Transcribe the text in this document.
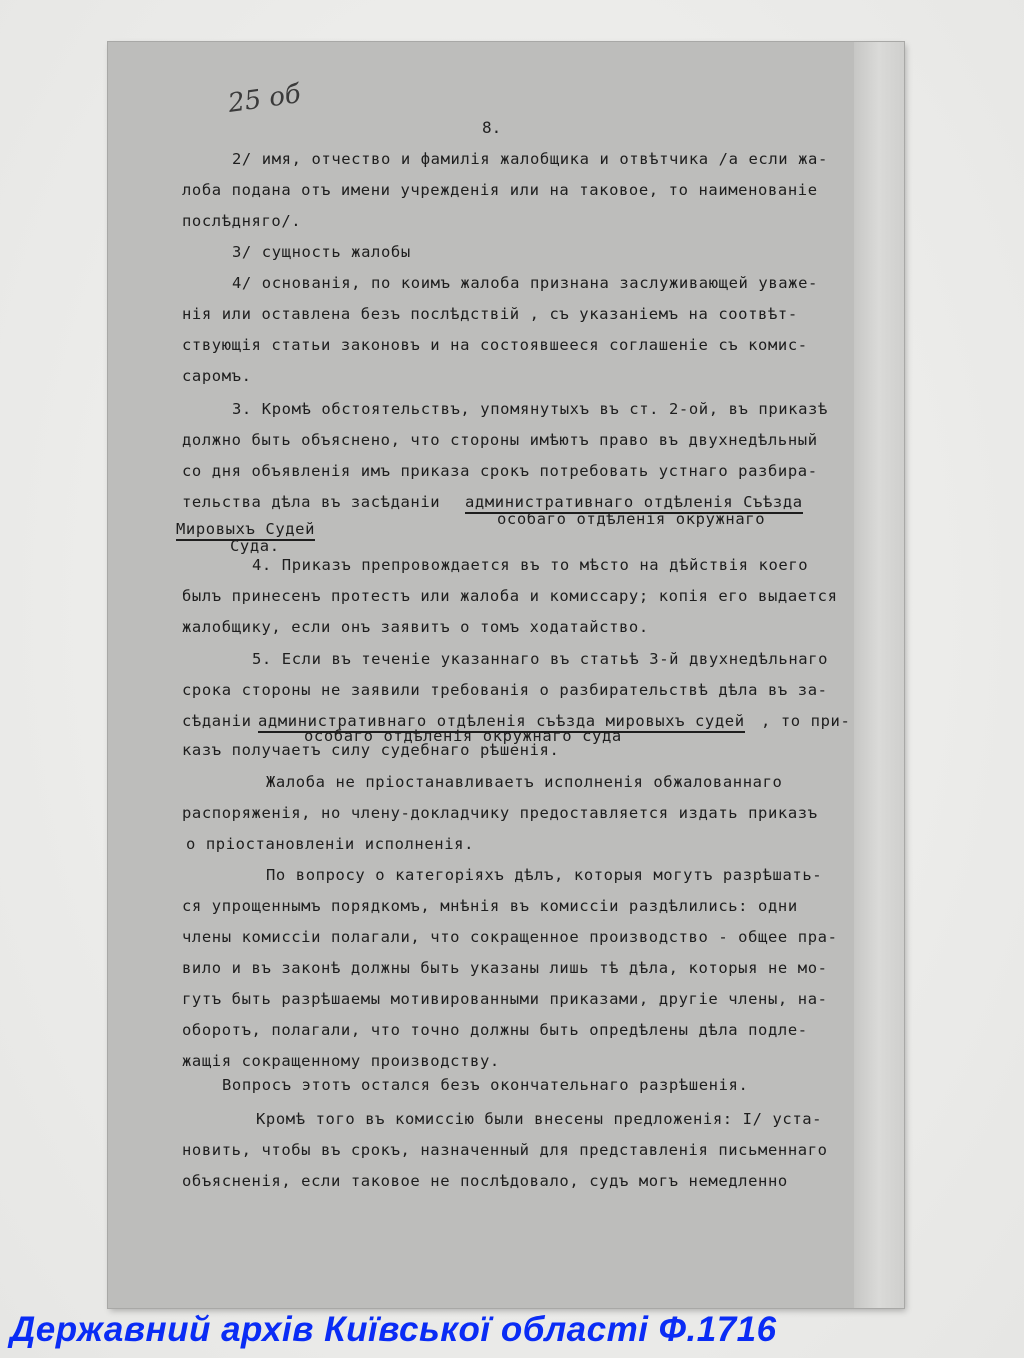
25 об
8.
2/ имя, отчество и фамилія жалобщика и отвѣтчика /а если жа-
лоба подана отъ имени учрежденія или на таковое, то наименованіе
послѣдняго/.
3/ сущность жалобы
4/ основанія, по коимъ жалоба признана заслуживающей уваже-
нія или оставлена безъ послѣдствій , съ указаніемъ на соотвѣт-
ствующія статьи законовъ и на состоявшееся соглашеніе съ комис-
саромъ.
3. Кромѣ обстоятельствъ, упомянутыхъ въ ст. 2-ой, въ приказѣ
должно быть объяснено, что стороны имѣютъ право въ двухнедѣльный
со дня объявленія имъ приказа срокъ потребовать устнаго разбира-
тельства дѣла въ засѣданіи административнаго отдѣленія Съѣзда
особаго отдѣленія окружнаго
Мировыхъ Судей
Суда.
4. Приказъ препровождается въ то мѣсто на дѣйствія коего
былъ принесенъ протестъ или жалоба и комиссару; копія его выдается
жалобщику, если онъ заявитъ о томъ ходатайство.
5. Если въ теченіе указаннаго въ статьѣ 3-й двухнедѣльнаго
срока стороны не заявили требованія о разбирательствѣ дѣла въ за-
сѣданіи административнаго отдѣленія съѣзда мировыхъ судей , то при-
особаго отдѣленія окружнаго суда
казъ получаетъ силу судебнаго рѣшенія.
Жалоба не пріостанавливаетъ исполненія обжалованнаго
распоряженія, но члену-докладчику предоставляется издать приказъ
о пріостановленіи исполненія.
По вопросу о категоріяхъ дѣлъ, которыя могутъ разрѣшать-
ся упрощеннымъ порядкомъ, мнѣнія въ комиссіи раздѣлились: одни
члены комиссіи полагали, что сокращенное производство - общее пра-
вило и въ законѣ должны быть указаны лишь тѣ дѣла, которыя не мо-
гутъ быть разрѣшаемы мотивированными приказами, другіе члены, на-
оборотъ, полагали, что точно должны быть опредѣлены дѣла подле-
жащія сокращенному производству.
Вопросъ этотъ остался безъ окончательнаго разрѣшенія.
Кромѣ того въ комиссію были внесены предложенія: I/ уста-
новить, чтобы въ срокъ, назначенный для представленія письменнаго
объясненія, если таковое не послѣдовало, судъ могъ немедленно
Державний архів Київської області Ф.1716
